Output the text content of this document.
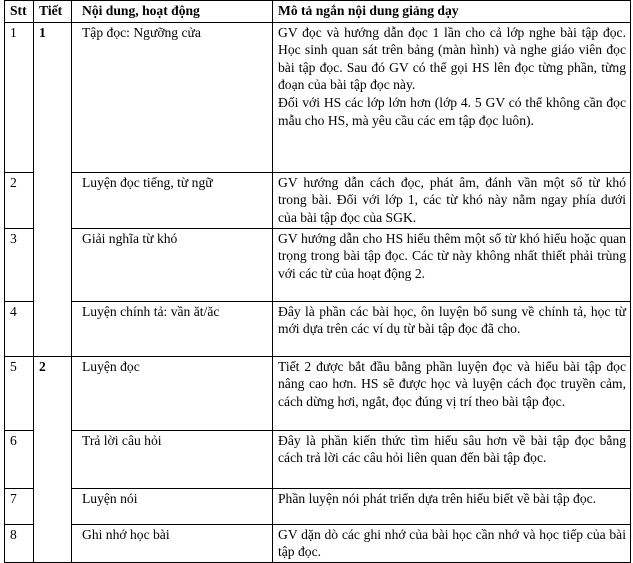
Stt	Tiết	Nội dung, hoạt động	Mô tả ngắn nội dung giảng dạy
1	1	Tập đọc: Ngưỡng cửa	GV đọc và hướng dẫn đọc 1 lần cho cả lớp nghe bài tập đọc. Học sinh quan sát trên bảng (màn hình) và nghe giáo viên đọc bài tập đọc. Sau đó GV có thể gọi HS lên đọc từng phần, từng đoạn của bài tập đọc này.
Đối với HS các lớp lớn hơn (lớp 4. 5 GV có thể không cần đọc mẫu cho HS, mà yêu cầu các em tập đọc luôn).

2		Luyện đọc tiếng, từ ngữ	GV hướng dẫn cách đọc, phát âm, đánh vần một số từ khó trong bài. Đối với lớp 1, các từ khó này nằm ngay phía dưới của bài tập đọc của SGK.

3		Giải nghĩa từ khó	GV hướng dẫn cho HS hiểu thêm một số từ khó hiểu hoặc quan trọng trong bài tập đọc. Các từ này không nhất thiết phải trùng với các từ của hoạt động 2.

4		Luyện chính tả: vần ăt/ăc	Đây là phần các bài học, ôn luyện bổ sung về chính tả, học từ mới dựa trên các ví dụ từ bài tập đọc đã cho.

5	2	Luyện đọc	Tiết 2 được bắt đầu bằng phần luyện đọc và hiểu bài tập đọc nâng cao hơn. HS sẽ được học và luyện cách đọc truyền cảm, cách dừng hơi, ngắt, đọc đúng vị trí theo bài tập đọc.

6		Trả lời câu hỏi	Đây là phần kiến thức tìm hiểu sâu hơn về bài tập đọc bằng cách trả lời các câu hỏi liên quan đến bài tập đọc.

7		Luyện nói	Phần luyện nói phát triển dựa trên hiểu biết về bài tập đọc.

8		Ghi nhớ học bài	GV dặn dò các ghi nhớ của bài học cần nhớ và học tiếp của bài tập đọc.
